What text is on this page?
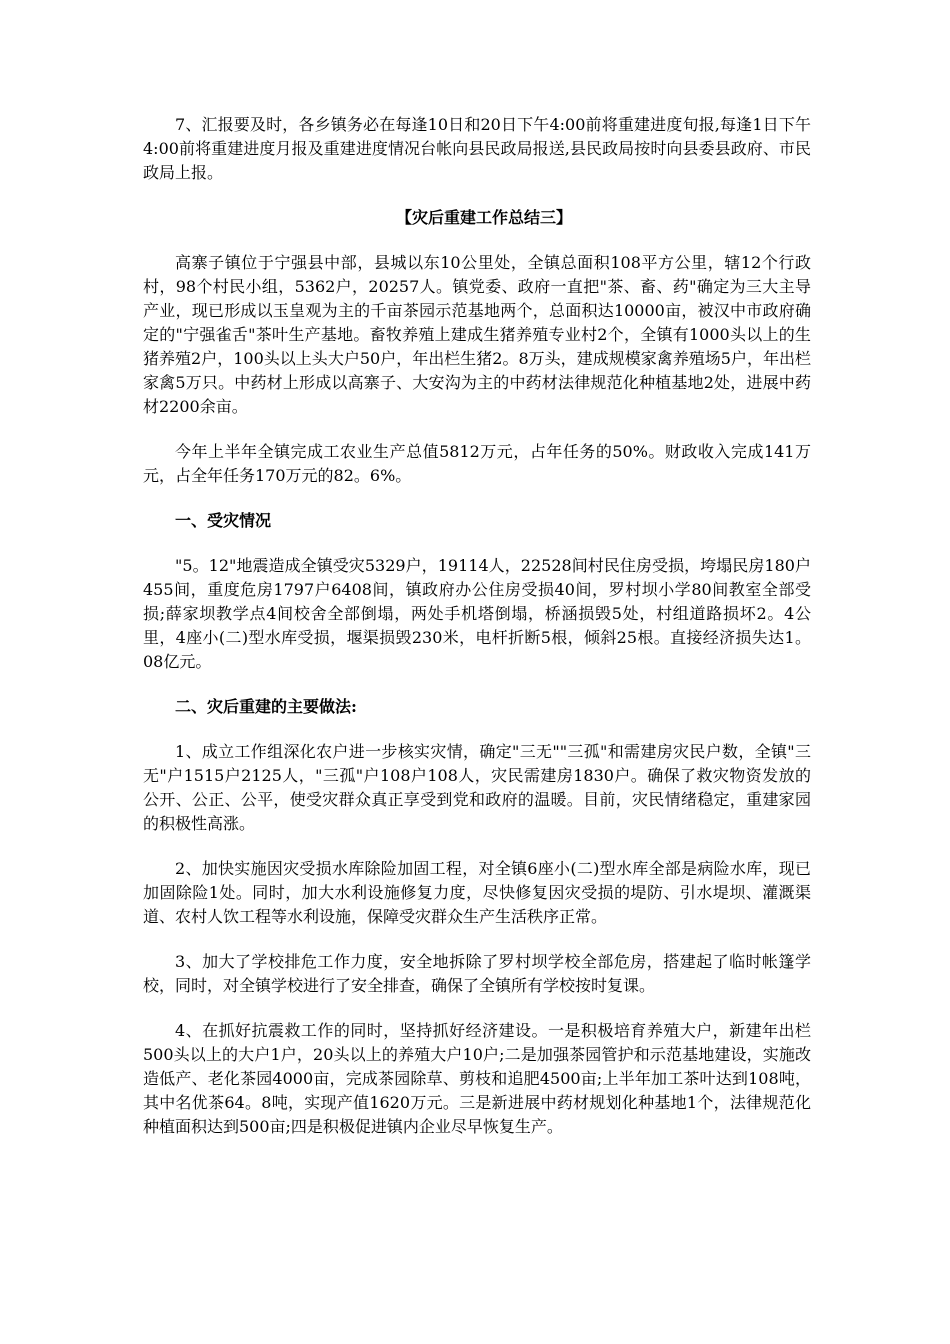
7、汇报要及时，各乡镇务必在每逢10日和20日下午4:00前将重建进度旬报,每逢1日下午4:00前将重建进度月报及重建进度情况台帐向县民政局报送,县民政局按时向县委县政府、市民政局上报。

【灾后重建工作总结三】

高寨子镇位于宁强县中部，县城以东10公里处，全镇总面积108平方公里，辖12个行政村，98个村民小组，5362户，20257人。镇党委、政府一直把"茶、畜、药"确定为三大主导产业，现已形成以玉皇观为主的千亩茶园示范基地两个，总面积达10000亩，被汉中市政府确定的"宁强雀舌"茶叶生产基地。畜牧养殖上建成生猪养殖专业村2个，全镇有1000头以上的生猪养殖2户，100头以上头大户50户，年出栏生猪2。8万头，建成规模家禽养殖场5户，年出栏家禽5万只。中药材上形成以高寨子、大安沟为主的中药材法律规范化种植基地2处，进展中药材2200余亩。

今年上半年全镇完成工农业生产总值5812万元，占年任务的50%。财政收入完成141万元，占全年任务170万元的82。6%。

一、受灾情况

"5。12"地震造成全镇受灾5329户，19114人，22528间村民住房受损，垮塌民房180户455间，重度危房1797户6408间，镇政府办公住房受损40间，罗村坝小学80间教室全部受损;薛家坝教学点4间校舍全部倒塌，两处手机塔倒塌，桥涵损毁5处，村组道路损坏2。4公里，4座小(二)型水库受损，堰渠损毁230米，电杆折断5根，倾斜25根。直接经济损失达1。08亿元。

二、灾后重建的主要做法:

1、成立工作组深化农户进一步核实灾情，确定"三无""三孤"和需建房灾民户数，全镇"三无"户1515户2125人，"三孤"户108户108人，灾民需建房1830户。确保了救灾物资发放的公开、公正、公平，使受灾群众真正享受到党和政府的温暖。目前，灾民情绪稳定，重建家园的积极性高涨。

2、加快实施因灾受损水库除险加固工程，对全镇6座小(二)型水库全部是病险水库，现已加固除险1处。同时，加大水利设施修复力度，尽快修复因灾受损的堤防、引水堤坝、灌溉渠道、农村人饮工程等水利设施，保障受灾群众生产生活秩序正常。

3、加大了学校排危工作力度，安全地拆除了罗村坝学校全部危房，搭建起了临时帐篷学校，同时，对全镇学校进行了安全排查，确保了全镇所有学校按时复课。

4、在抓好抗震救工作的同时，坚持抓好经济建设。一是积极培育养殖大户，新建年出栏500头以上的大户1户，20头以上的养殖大户10户;二是加强茶园管护和示范基地建设，实施改造低产、老化茶园4000亩，完成茶园除草、剪枝和追肥4500亩;上半年加工茶叶达到108吨，其中名优茶64。8吨，实现产值1620万元。三是新进展中药材规划化种基地1个，法律规范化种植面积达到500亩;四是积极促进镇内企业尽早恢复生产。
